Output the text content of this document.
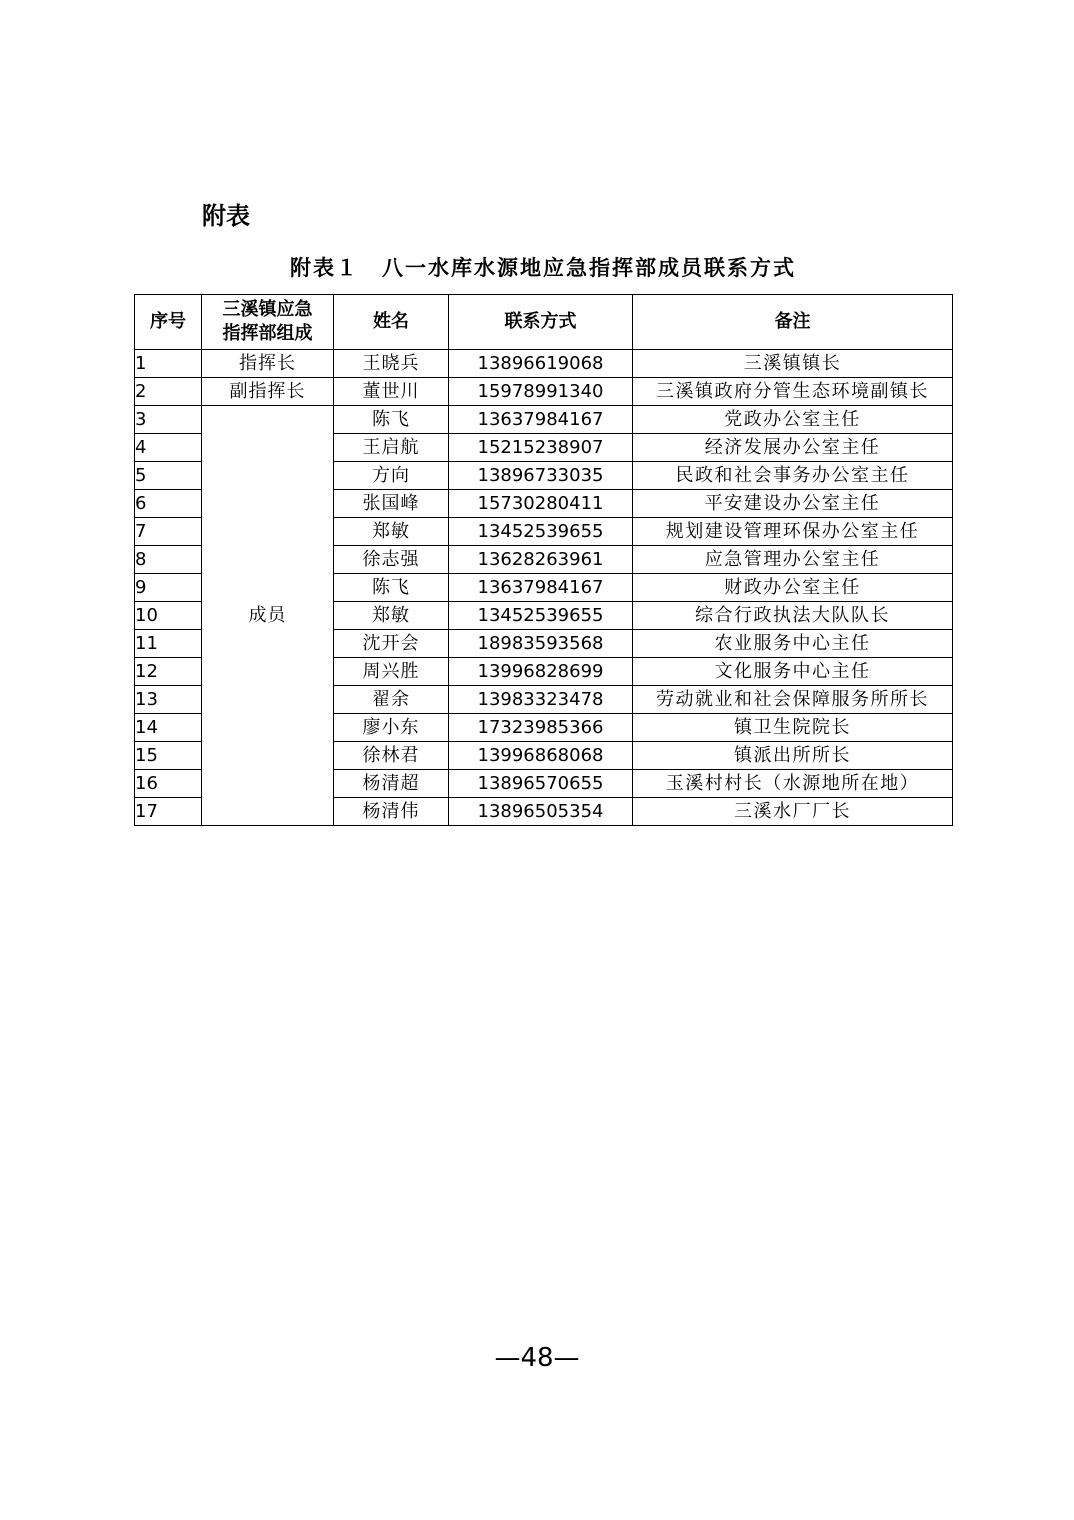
附表
附表１　八一水库水源地应急指挥部成员联系方式
序号	三溪镇应急
指挥部组成	姓名	联系方式	备注
1	指挥长	王晓兵	13896619068	三溪镇镇长
2	副指挥长	董世川	15978991340	三溪镇政府分管生态环境副镇长
3	成员	陈飞	13637984167	党政办公室主任
4		王启航	15215238907	经济发展办公室主任
5		方向	13896733035	民政和社会事务办公室主任
6		张国峰	15730280411	平安建设办公室主任
7		郑敏	13452539655	规划建设管理环保办公室主任
8		徐志强	13628263961	应急管理办公室主任
9		陈飞	13637984167	财政办公室主任
10		郑敏	13452539655	综合行政执法大队队长
11		沈开会	18983593568	农业服务中心主任
12		周兴胜	13996828699	文化服务中心主任
13		翟余	13983323478	劳动就业和社会保障服务所所长
14		廖小东	17323985366	镇卫生院院长
15		徐林君	13996868068	镇派出所所长
16		杨清超	13896570655	玉溪村村长（水源地所在地）
17		杨清伟	13896505354	三溪水厂厂长

—48—
